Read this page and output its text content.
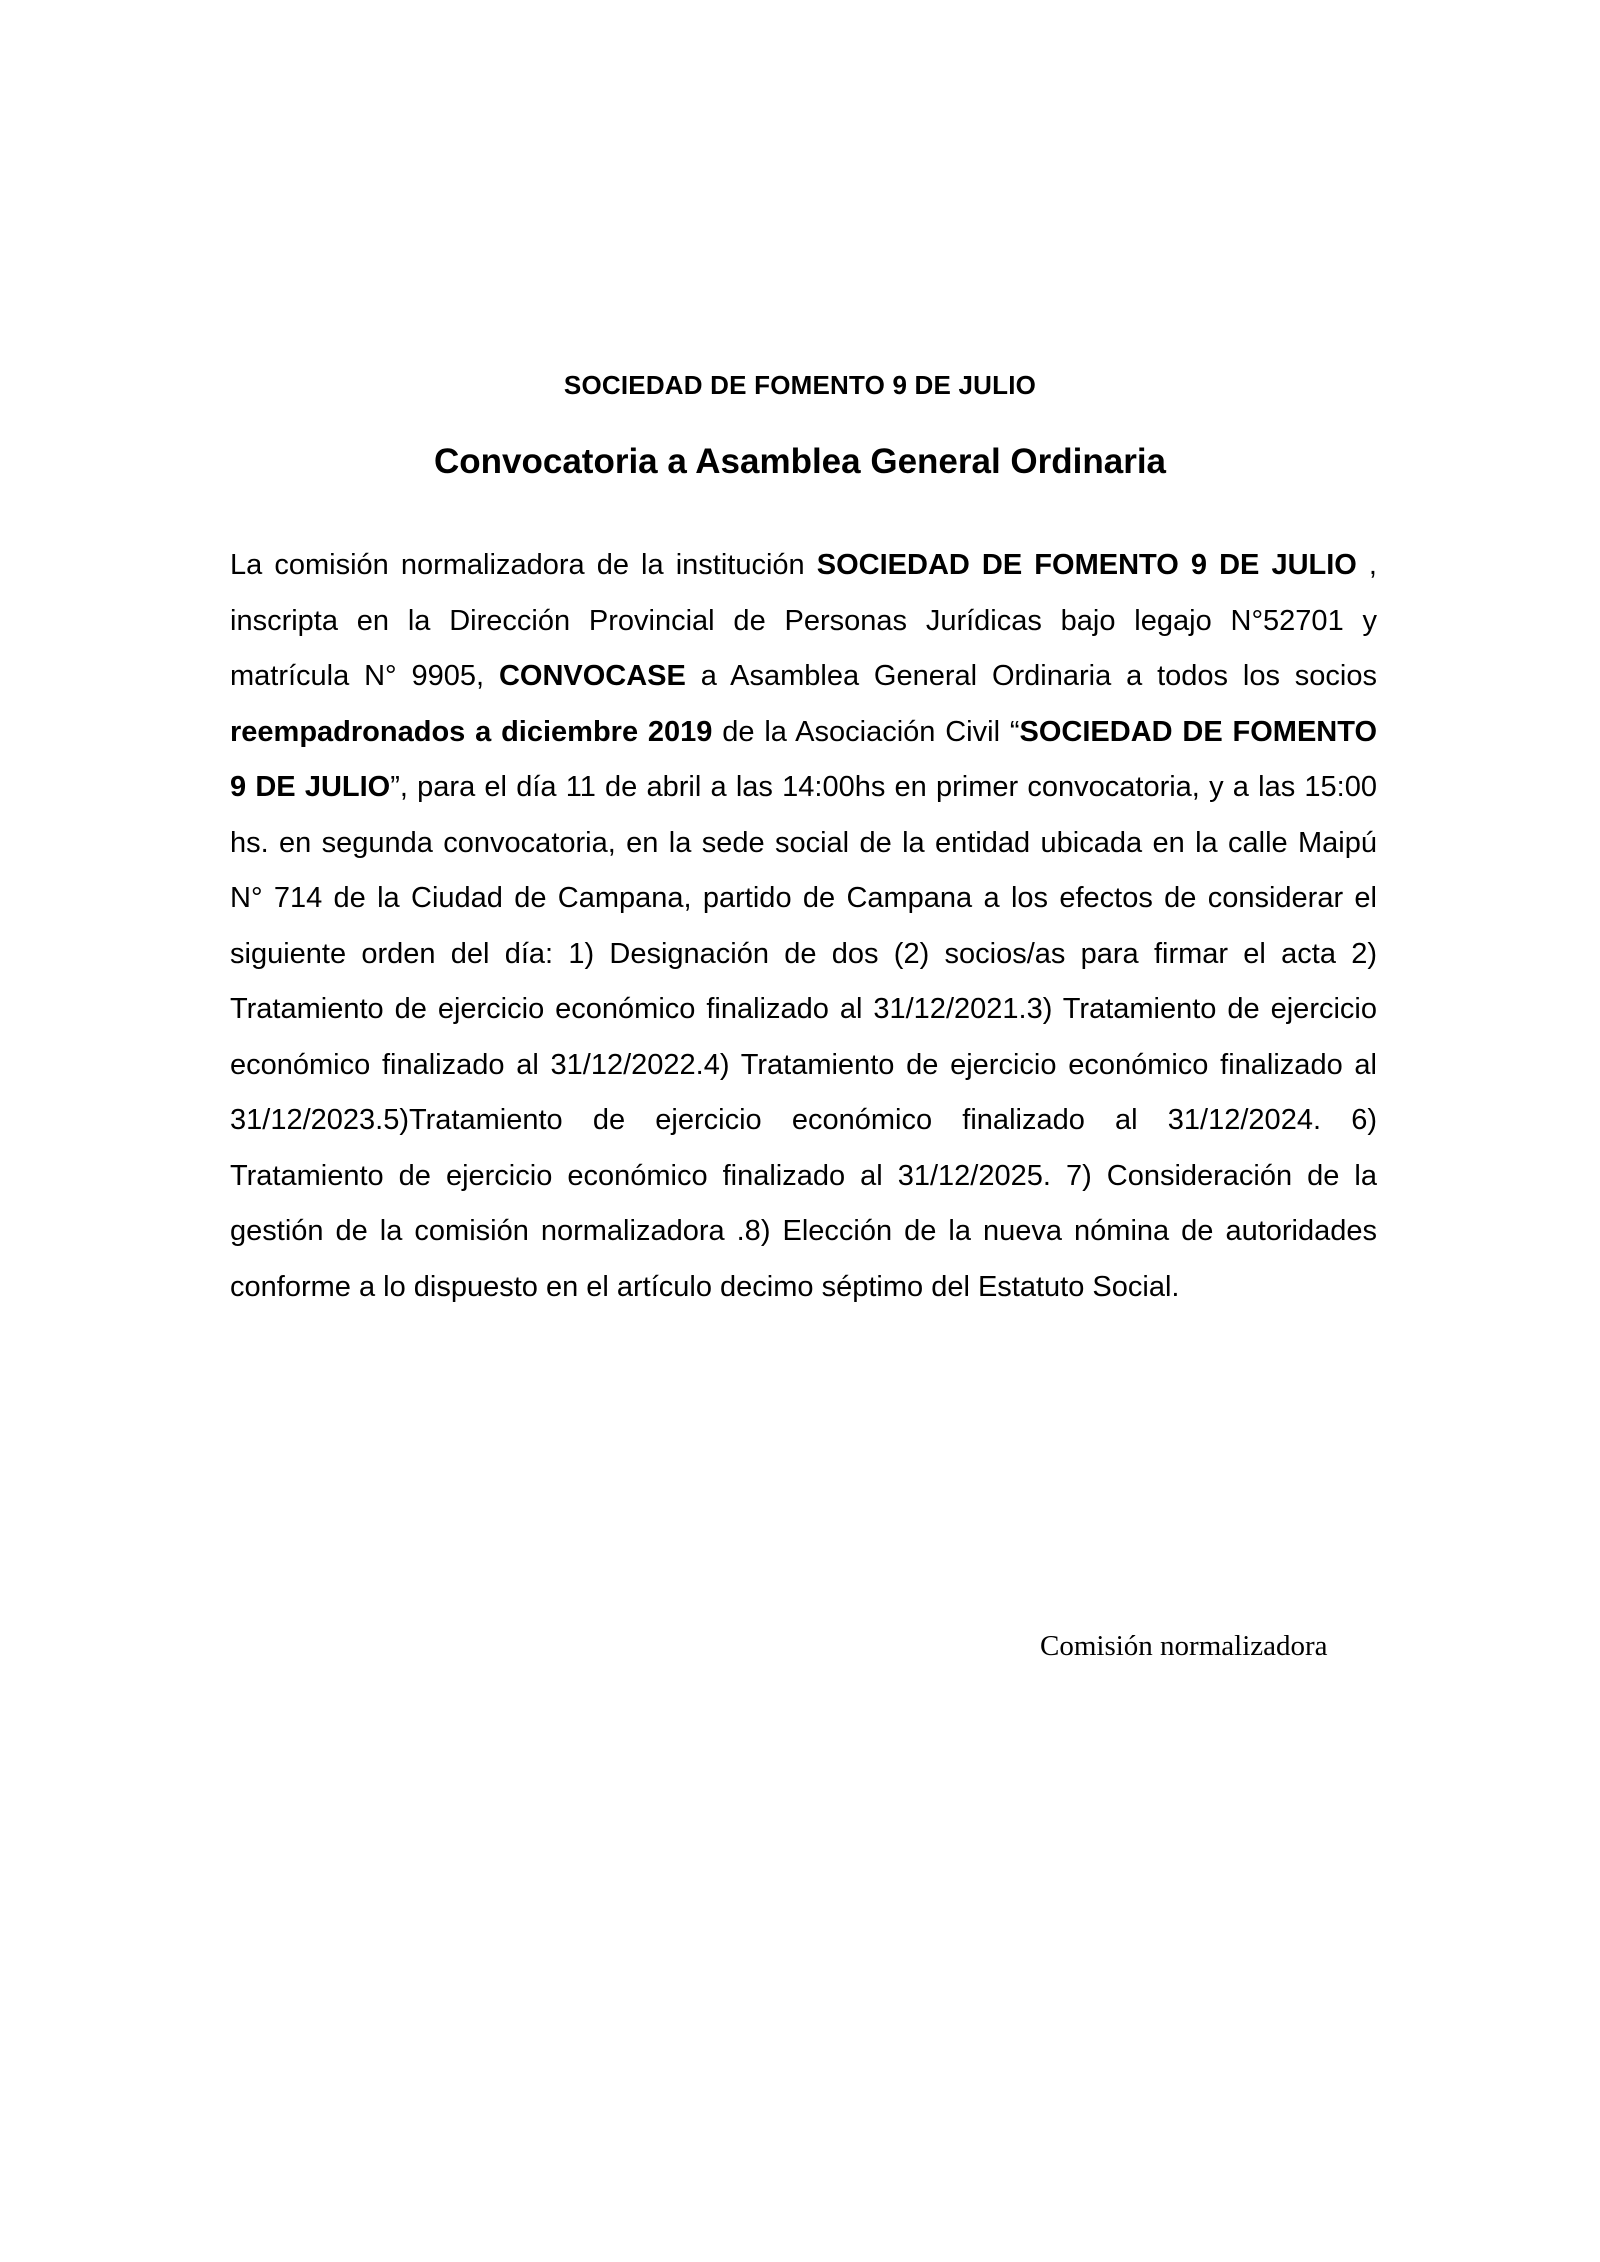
SOCIEDAD DE FOMENTO 9 DE JULIO
Convocatoria a Asamblea General Ordinaria
La comisión normalizadora de la institución SOCIEDAD DE FOMENTO 9 DE JULIO , inscripta en la Dirección Provincial de Personas Jurídicas bajo legajo N°52701 y matrícula N° 9905, CONVOCASE a Asamblea General Ordinaria a todos los socios reempadronados a diciembre 2019 de la Asociación Civil “SOCIEDAD DE FOMENTO 9 DE JULIO”, para el día 11 de abril a las 14:00hs en primer convocatoria, y a las 15:00 hs. en segunda convocatoria, en la sede social de la entidad ubicada en la calle Maipú N° 714 de la Ciudad de Campana, partido de Campana a los efectos de considerar el siguiente orden del día: 1) Designación de dos (2) socios/as para firmar el acta 2) Tratamiento de ejercicio económico finalizado al 31/12/2021.3) Tratamiento de ejercicio económico finalizado al 31/12/2022.4) Tratamiento de ejercicio económico finalizado al 31/12/2023.5)Tratamiento de ejercicio económico finalizado al 31/12/2024. 6) Tratamiento de ejercicio económico finalizado al 31/12/2025. 7) Consideración de la gestión de la comisión normalizadora .8) Elección de la nueva nómina de autoridades conforme a lo dispuesto en el artículo decimo séptimo del Estatuto Social.
Comisión normalizadora
